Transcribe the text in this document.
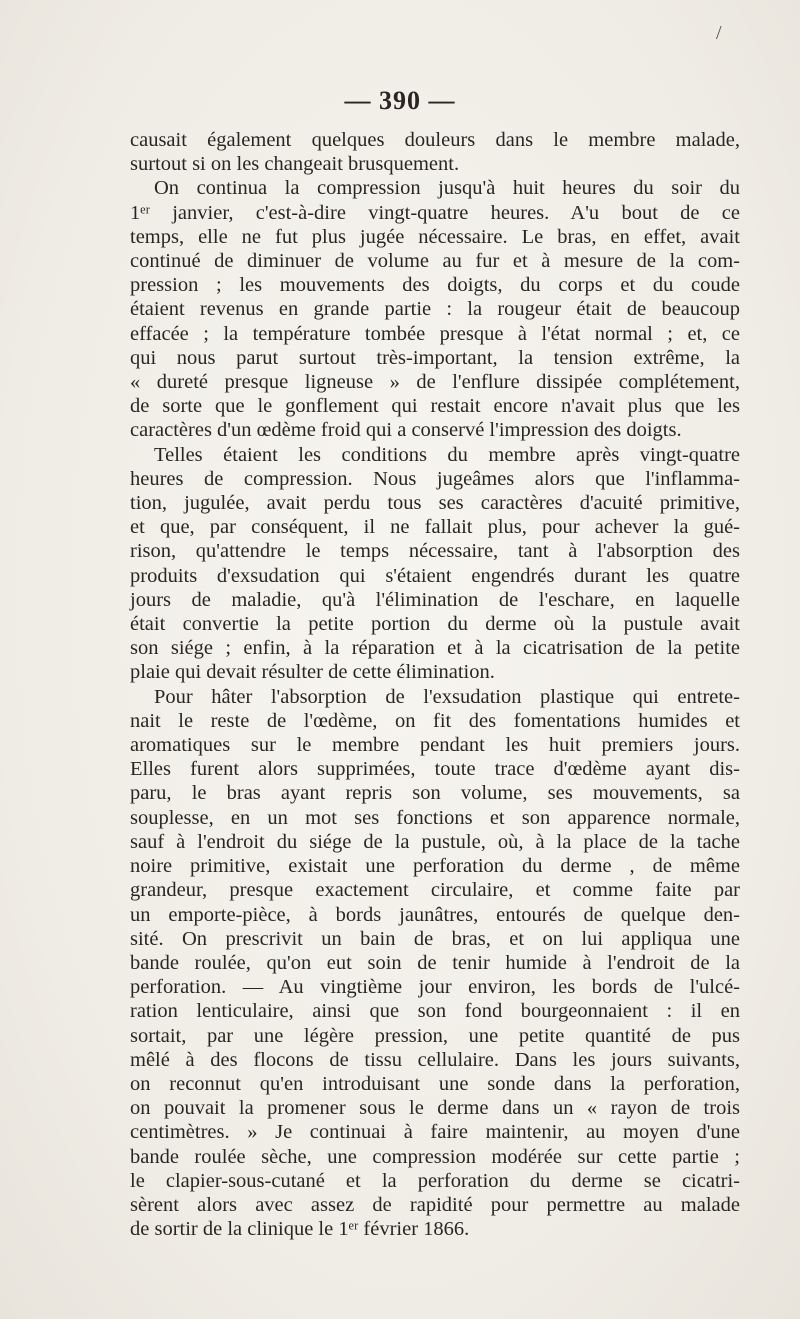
/
— 390 —
causait également quelques douleurs dans le membre malade,
surtout si on les changeait brusquement.
On continua la compression jusqu'à huit heures du soir du
1ᵉʳ janvier, c'est-à-dire vingt-quatre heures. A'u bout de ce
temps, elle ne fut plus jugée nécessaire. Le bras, en effet, avait
continué de diminuer de volume au fur et à mesure de la com-
pression ; les mouvements des doigts, du corps et du coude
étaient revenus en grande partie : la rougeur était de beaucoup
effacée ; la température tombée presque à l'état normal ; et, ce
qui nous parut surtout très-important, la tension extrême, la
« dureté presque ligneuse » de l'enflure dissipée complétement,
de sorte que le gonflement qui restait encore n'avait plus que les
caractères d'un œdème froid qui a conservé l'impression des doigts.
Telles étaient les conditions du membre après vingt-quatre
heures de compression. Nous jugeâmes alors que l'inflamma-
tion, jugulée, avait perdu tous ses caractères d'acuité primitive,
et que, par conséquent, il ne fallait plus, pour achever la gué-
rison, qu'attendre le temps nécessaire, tant à l'absorption des
produits d'exsudation qui s'étaient engendrés durant les quatre
jours de maladie, qu'à l'élimination de l'eschare, en laquelle
était convertie la petite portion du derme où la pustule avait
son siége ; enfin, à la réparation et à la cicatrisation de la petite
plaie qui devait résulter de cette élimination.
Pour hâter l'absorption de l'exsudation plastique qui entrete-
nait le reste de l'œdème, on fit des fomentations humides et
aromatiques sur le membre pendant les huit premiers jours.
Elles furent alors supprimées, toute trace d'œdème ayant dis-
paru, le bras ayant repris son volume, ses mouvements, sa
souplesse, en un mot ses fonctions et son apparence normale,
sauf à l'endroit du siége de la pustule, où, à la place de la tache
noire primitive, existait une perforation du derme , de même
grandeur, presque exactement circulaire, et comme faite par
un emporte-pièce, à bords jaunâtres, entourés de quelque den-
sité. On prescrivit un bain de bras, et on lui appliqua une
bande roulée, qu'on eut soin de tenir humide à l'endroit de la
perforation. — Au vingtième jour environ, les bords de l'ulcé-
ration lenticulaire, ainsi que son fond bourgeonnaient : il en
sortait, par une légère pression, une petite quantité de pus
mêlé à des flocons de tissu cellulaire. Dans les jours suivants,
on reconnut qu'en introduisant une sonde dans la perforation,
on pouvait la promener sous le derme dans un « rayon de trois
centimètres. » Je continuai à faire maintenir, au moyen d'une
bande roulée sèche, une compression modérée sur cette partie ;
le clapier-sous-cutané et la perforation du derme se cicatri-
sèrent alors avec assez de rapidité pour permettre au malade
de sortir de la clinique le 1ᵉʳ février 1866.
